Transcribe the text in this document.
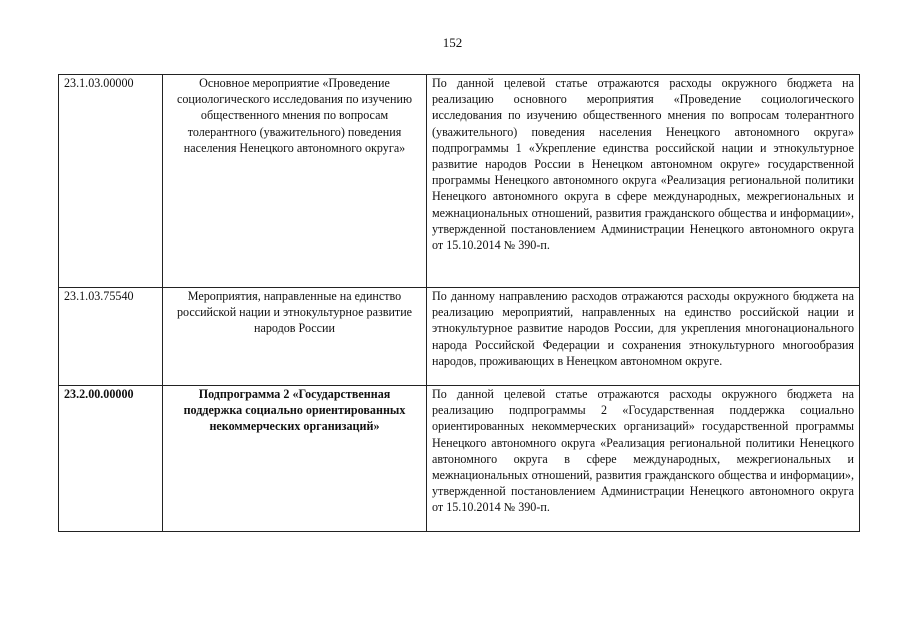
152
23.1.03.00000	Основное мероприятие «Проведение социологического исследования по изучению общественного мнения по вопросам толерантного (уважительного) поведения населения Ненецкого автономного округа»	По данной целевой статье отражаются расходы окружного бюджета на реализацию основного мероприятия «Проведение социологического исследования по изучению общественного мнения по вопросам толерантного (уважительного) поведения населения Ненецкого автономного округа» подпрограммы 1 «Укрепление единства российской нации и этнокультурное развитие народов России в Ненецком автономном округе» государственной программы Ненецкого автономного округа «Реализация региональной политики Ненецкого автономного округа в сфере международных, межрегиональных и межнациональных отношений, развития гражданского общества и информации», утвержденной постановлением Администрации Ненецкого автономного округа от 15.10.2014 № 390-п.
23.1.03.75540	Мероприятия, направленные на единство российской нации и этнокультурное развитие народов России	По данному направлению расходов отражаются расходы окружного бюджета на реализацию мероприятий, направленных на единство российской нации и этнокультурное развитие народов России, для укрепления многонационального народа Российской Федерации и сохранения этнокультурного многообразия народов, проживающих в Ненецком автономном округе.
23.2.00.00000	Подпрограмма 2 «Государственная поддержка социально ориентированных некоммерческих организаций»	По данной целевой статье отражаются расходы окружного бюджета на реализацию подпрограммы 2 «Государственная поддержка социально ориентированных некоммерческих организаций» государственной программы Ненецкого автономного округа «Реализация региональной политики Ненецкого автономного округа в сфере международных, межрегиональных и межнациональных отношений, развития гражданского общества и информации», утвержденной постановлением Администрации Ненецкого автономного округа от 15.10.2014 № 390-п.
